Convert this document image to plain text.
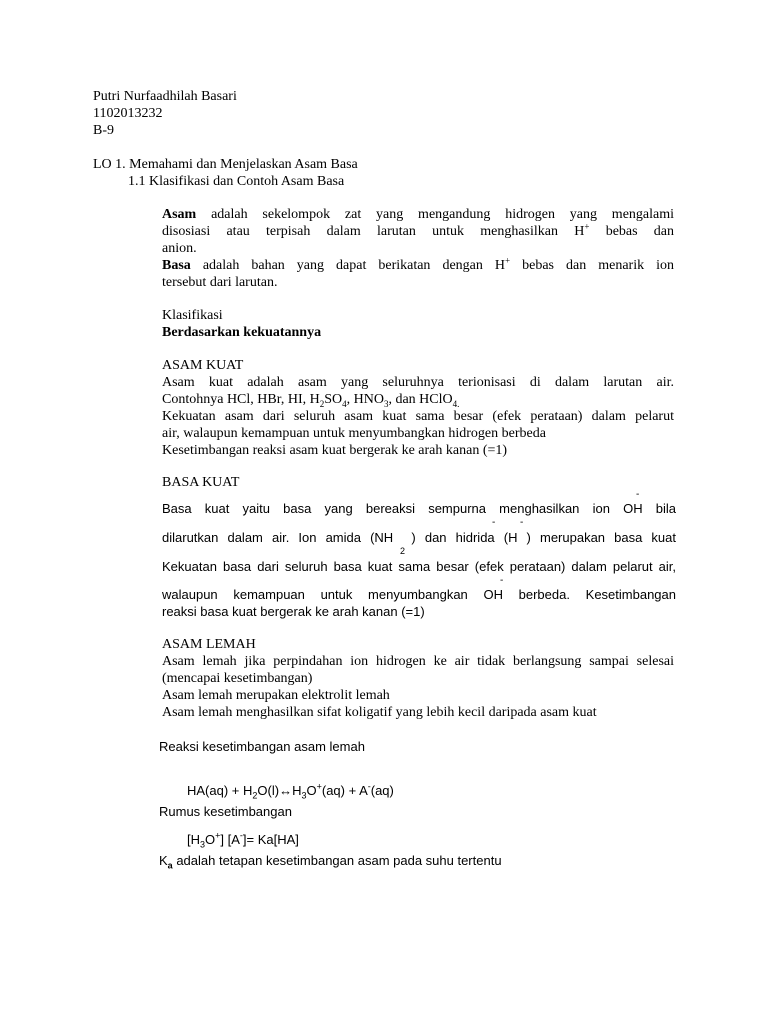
Putri Nurfaadhilah Basari
1102013232
B-9
LO 1. Memahami dan Menjelaskan Asam Basa
1.1 Klasifikasi dan Contoh Asam Basa
Asam adalah sekelompok zat yang mengandung hidrogen yang mengalami
disosiasi atau terpisah dalam larutan untuk menghasilkan H+ bebas dan
anion.
Basa adalah bahan yang dapat berikatan dengan H+ bebas dan menarik ion
tersebut dari larutan.
Klasifikasi
Berdasarkan kekuatannya
ASAM KUAT
Asam kuat adalah asam yang seluruhnya terionisasi di dalam larutan air.
Contohnya HCl, HBr, HI, $H_2SO_4$, $HNO_3$, dan HClO$_{4.}$
Kekuatan asam dari seluruh asam kuat sama besar (efek perataan) dalam pelarut
air, walaupun kemampuan untuk menyumbangkan hidrogen berbeda
Kesetimbangan reaksi asam kuat bergerak ke arah kanan (=1)
BASA KUAT
-
Basa kuat yaitu basa yang bereaksi sempurna menghasilkan ion OH bila
- -
dilarutkan dalam air. Ion amida (NH ) dan hidrida (H ) merupakan basa kuat
2
Kekuatan basa dari seluruh basa kuat sama besar (efek perataan) dalam pelarut air,
-
walaupun kemampuan untuk menyumbangkan OH berbeda. Kesetimbangan
reaksi basa kuat bergerak ke arah kanan (=1)
ASAM LEMAH
Asam lemah jika perpindahan ion hidrogen ke air tidak berlangsung sampai selesai
(mencapai kesetimbangan)
Asam lemah merupakan elektrolit lemah
Asam lemah menghasilkan sifat koligatif yang lebih kecil daripada asam kuat
Reaksi kesetimbangan asam lemah
$HA(aq) + H_2O(l)\leftrightarrow H_3O^+(aq) + A^-(aq)$
Rumus kesetimbangan
$[H_3O^+]$ [A-]= Ka[HA]
$K_a$ adalah tetapan kesetimbangan asam pada suhu tertentu
